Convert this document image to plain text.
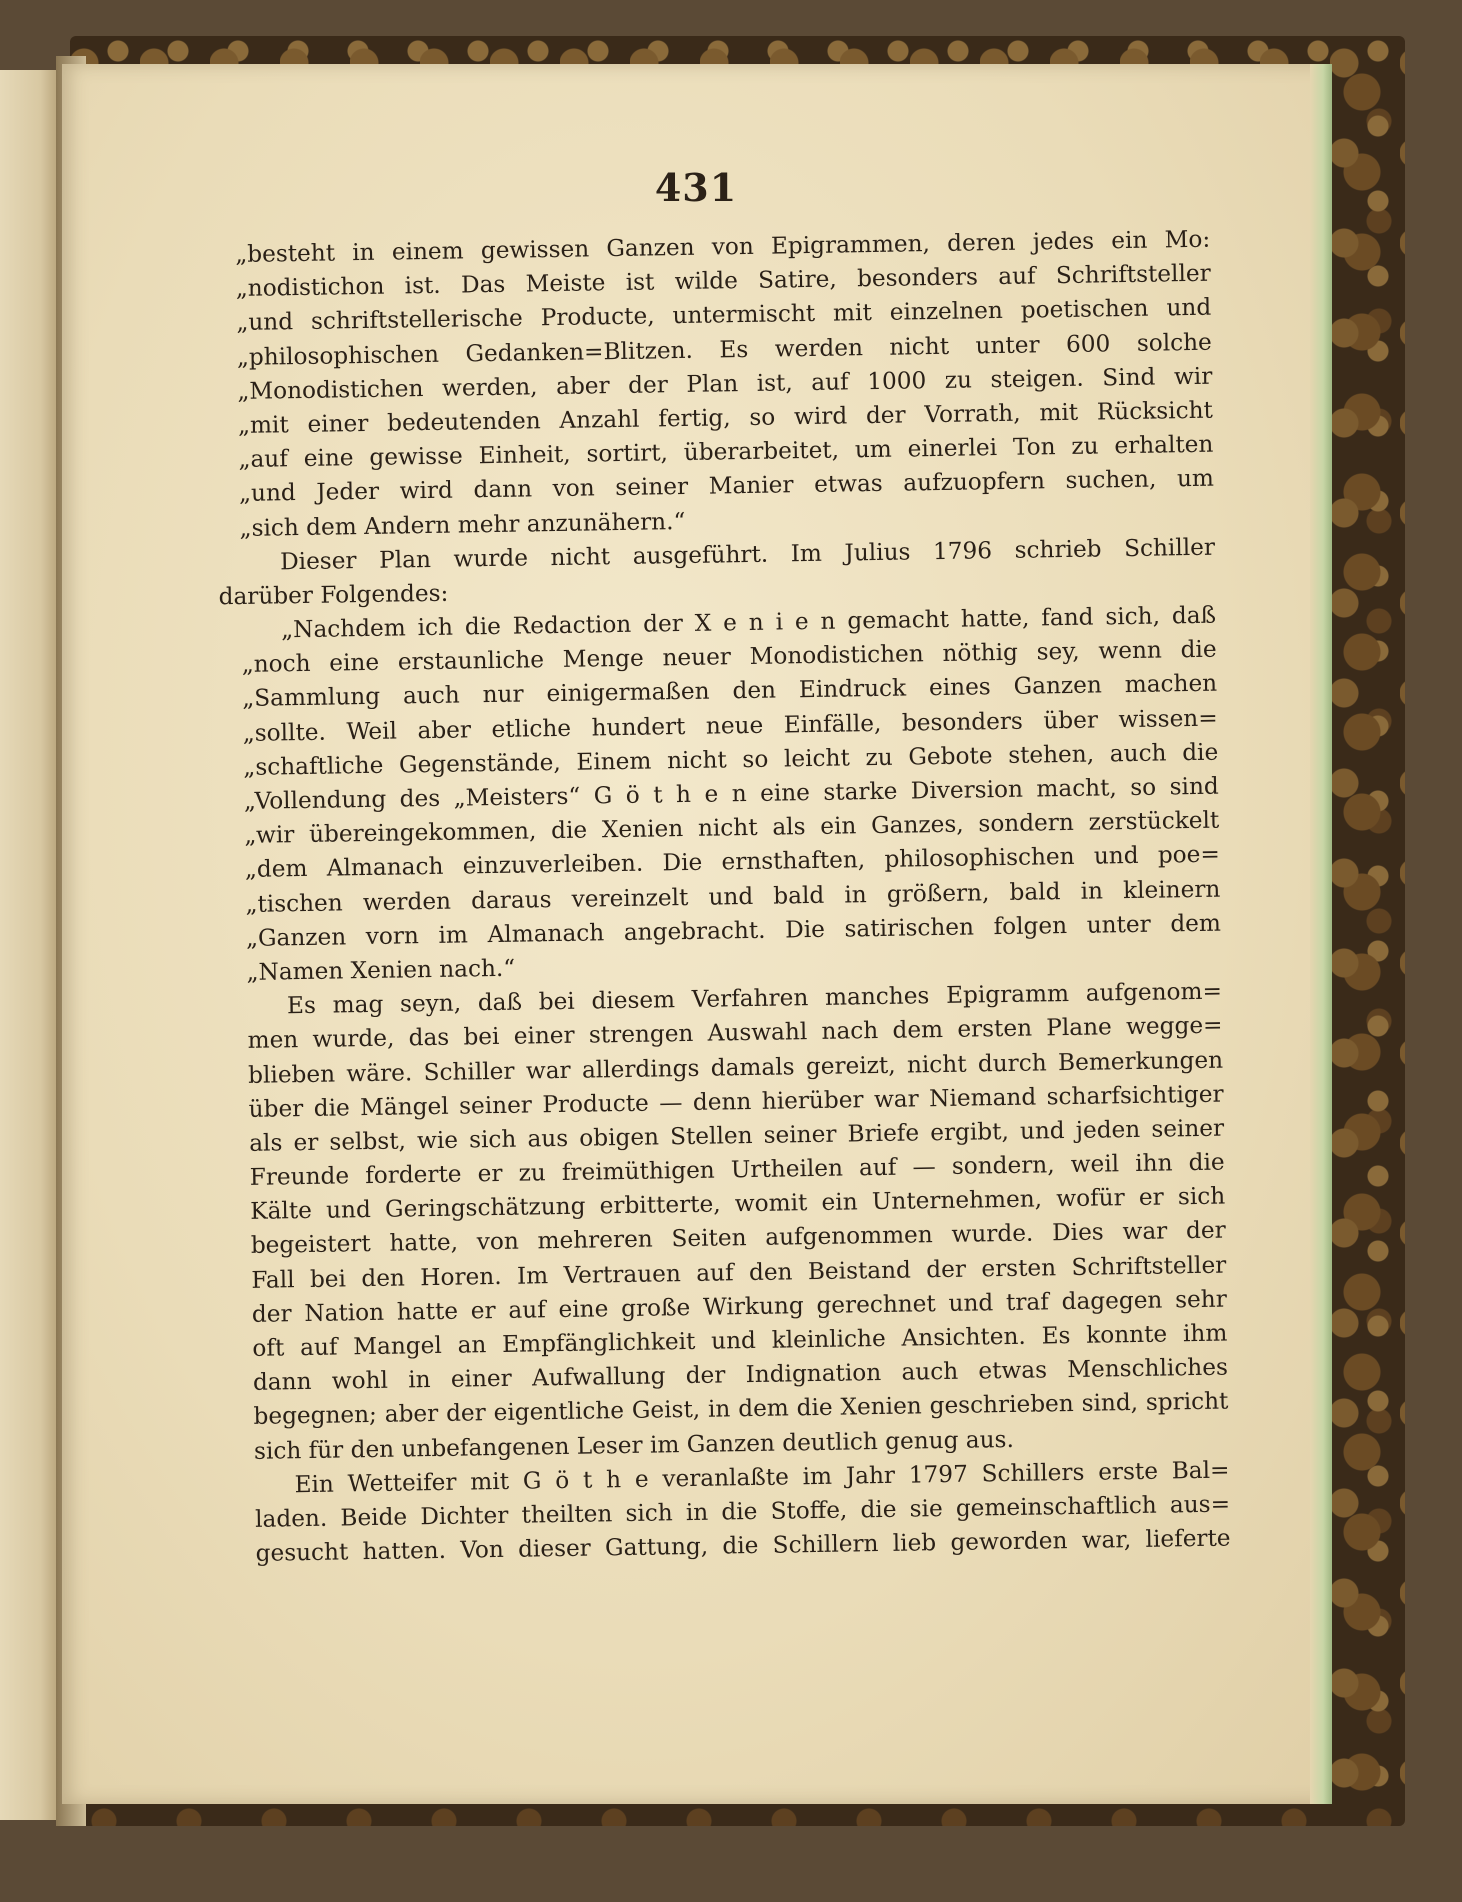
431
„besteht in einem gewissen Ganzen von Epigrammen, deren jedes ein Mo:
„nodistichon ist. Das Meiste ist wilde Satire, besonders auf Schriftsteller
„und schriftstellerische Producte, untermischt mit einzelnen poetischen und
„philosophischen Gedanken=Blitzen. Es werden nicht unter 600 solche
„Monodistichen werden, aber der Plan ist, auf 1000 zu steigen. Sind wir
„mit einer bedeutenden Anzahl fertig, so wird der Vorrath, mit Rücksicht
„auf eine gewisse Einheit, sortirt, überarbeitet, um einerlei Ton zu erhalten
„und Jeder wird dann von seiner Manier etwas aufzuopfern suchen, um
„sich dem Andern mehr anzunähern.“
Dieser Plan wurde nicht ausgeführt. Im Julius 1796 schrieb Schiller
darüber Folgendes:
„Nachdem ich die Redaction der X e n i e n gemacht hatte, fand sich, daß
„noch eine erstaunliche Menge neuer Monodistichen nöthig sey, wenn die
„Sammlung auch nur einigermaßen den Eindruck eines Ganzen machen
„sollte. Weil aber etliche hundert neue Einfälle, besonders über wissen=
„schaftliche Gegenstände, Einem nicht so leicht zu Gebote stehen, auch die
„Vollendung des „Meisters“ G ö t h e n eine starke Diversion macht, so sind
„wir übereingekommen, die Xenien nicht als ein Ganzes, sondern zerstückelt
„dem Almanach einzuverleiben. Die ernsthaften, philosophischen und poe=
„tischen werden daraus vereinzelt und bald in größern, bald in kleinern
„Ganzen vorn im Almanach angebracht. Die satirischen folgen unter dem
„Namen Xenien nach.“
Es mag seyn, daß bei diesem Verfahren manches Epigramm aufgenom=
men wurde, das bei einer strengen Auswahl nach dem ersten Plane wegge=
blieben wäre. Schiller war allerdings damals gereizt, nicht durch Bemerkungen
über die Mängel seiner Producte — denn hierüber war Niemand scharfsichtiger
als er selbst, wie sich aus obigen Stellen seiner Briefe ergibt, und jeden seiner
Freunde forderte er zu freimüthigen Urtheilen auf — sondern, weil ihn die
Kälte und Geringschätzung erbitterte, womit ein Unternehmen, wofür er sich
begeistert hatte, von mehreren Seiten aufgenommen wurde. Dies war der
Fall bei den Horen. Im Vertrauen auf den Beistand der ersten Schriftsteller
der Nation hatte er auf eine große Wirkung gerechnet und traf dagegen sehr
oft auf Mangel an Empfänglichkeit und kleinliche Ansichten. Es konnte ihm
dann wohl in einer Aufwallung der Indignation auch etwas Menschliches
begegnen; aber der eigentliche Geist, in dem die Xenien geschrieben sind, spricht
sich für den unbefangenen Leser im Ganzen deutlich genug aus.
Ein Wetteifer mit G ö t h e veranlaßte im Jahr 1797 Schillers erste Bal=
laden. Beide Dichter theilten sich in die Stoffe, die sie gemeinschaftlich aus=
gesucht hatten. Von dieser Gattung, die Schillern lieb geworden war, lieferte
